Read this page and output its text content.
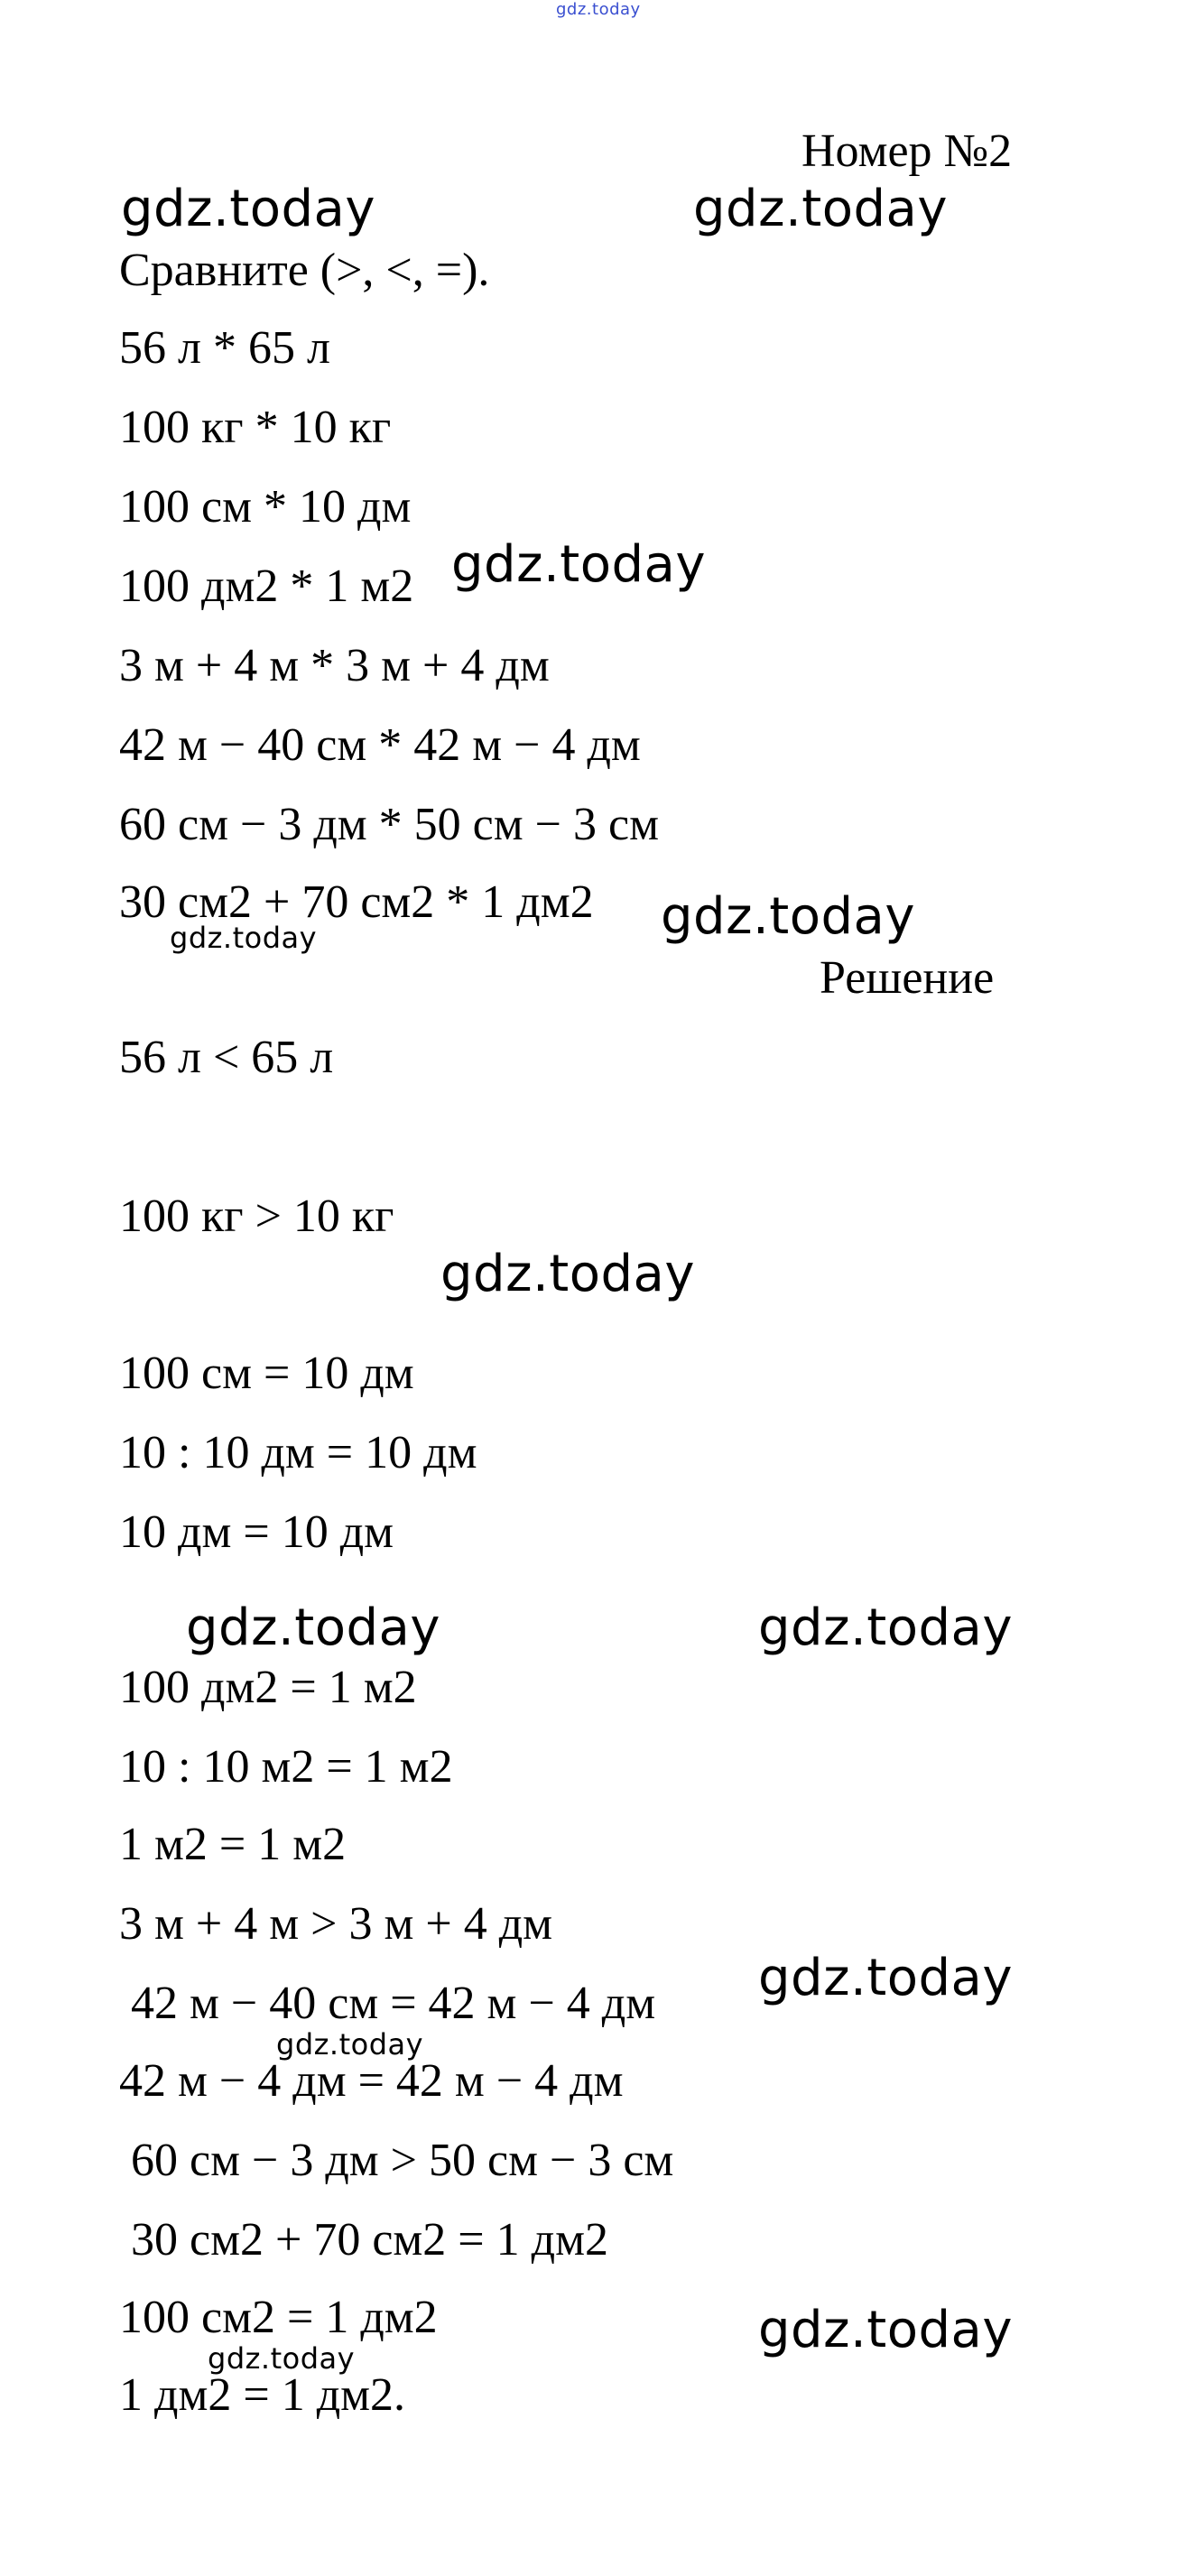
gdz.today
Номер №2
gdz.today	gdz.today
Сравните (>, <, =).
56 л * 65 л
100 кг * 10 кг
100 см * 10 дм
100 дм2 * 1 м2 gdz.today
3 м + 4 м * 3 м + 4 дм
42 м − 40 см * 42 м − 4 дм
60 см − 3 дм * 50 см − 3 см
30 см2 + 70 см2 * 1 дм2
gdz.today	gdz.today
Решение
56 л < 65 л
100 кг > 10 кг
gdz.today
100 см = 10 дм
10 : 10 дм = 10 дм
10 дм = 10 дм
gdz.today	gdz.today
100 дм2 = 1 м2
10 : 10 м2 = 1 м2
1 м2 = 1 м2
3 м + 4 м > 3 м + 4 дм
gdz.today
42 м − 40 см = 42 м − 4 дм
gdz.today
42 м − 4 дм = 42 м − 4 дм
60 см − 3 дм > 50 см − 3 см
30 см2 + 70 см2 = 1 дм2
100 см2 = 1 дм2
gdz.today	gdz.today
1 дм2 = 1 дм2.
